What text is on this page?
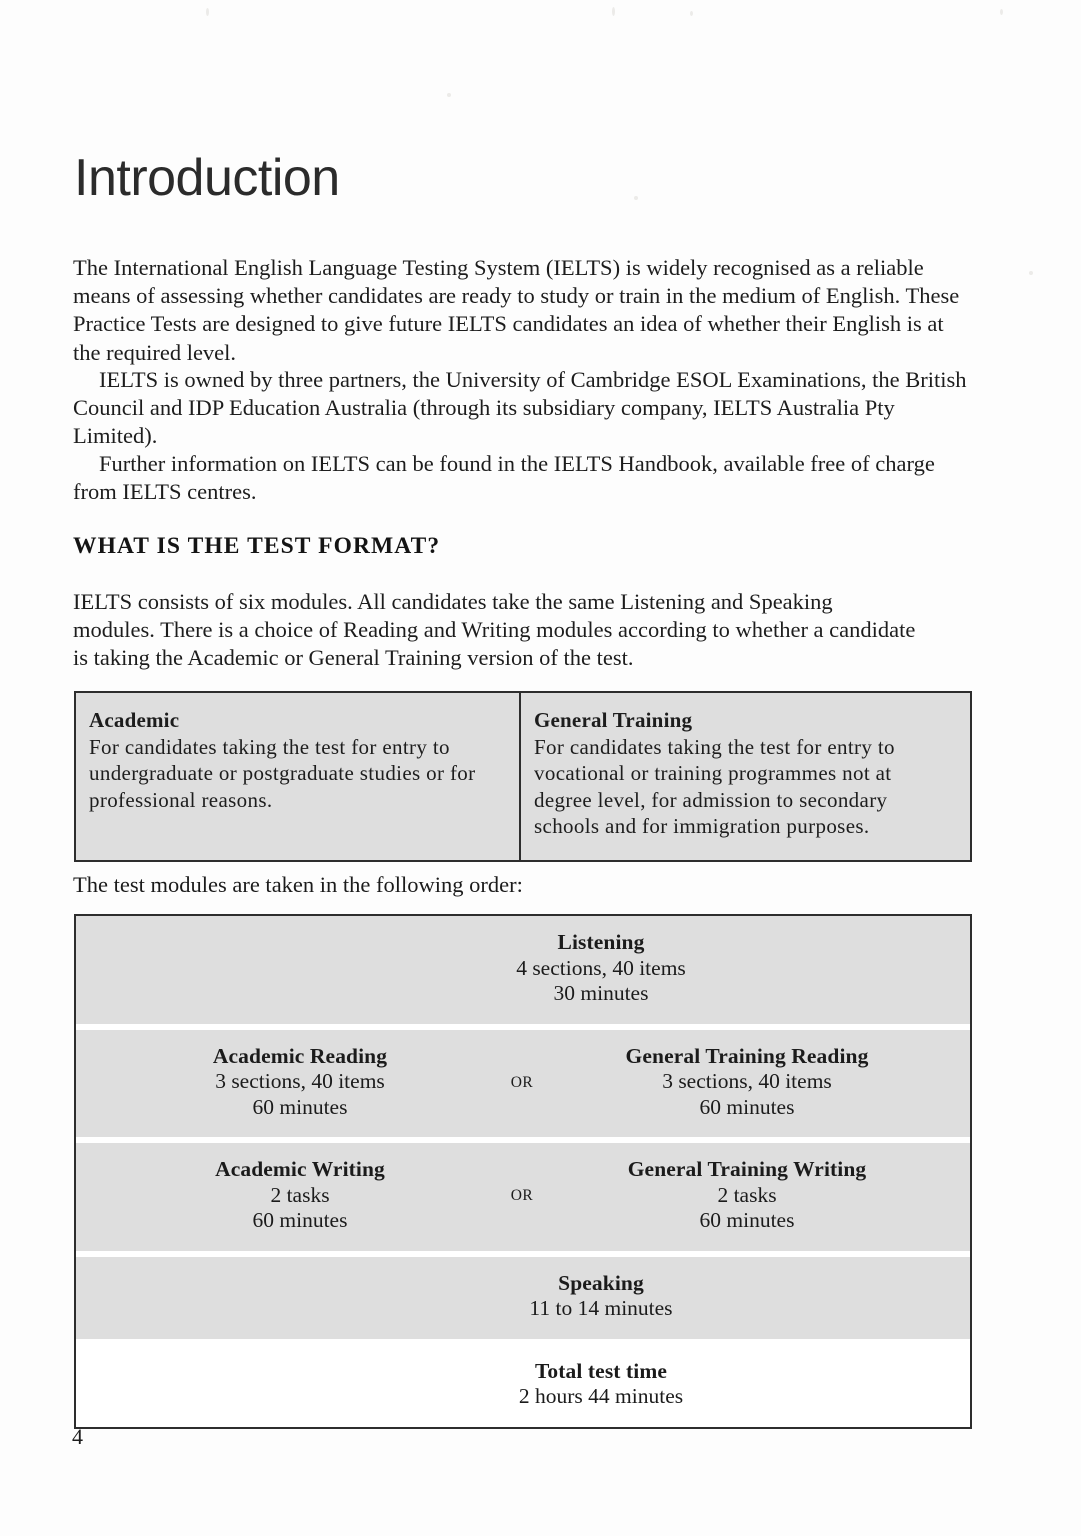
Introduction

The International English Language Testing System (IELTS) is widely recognised as a reliable means of assessing whether candidates are ready to study or train in the medium of English. These Practice Tests are designed to give future IELTS candidates an idea of whether their English is at the required level.

IELTS is owned by three partners, the University of Cambridge ESOL Examinations, the British Council and IDP Education Australia (through its subsidiary company, IELTS Australia Pty Limited).

Further information on IELTS can be found in the IELTS Handbook, available free of charge from IELTS centres.

WHAT IS THE TEST FORMAT?

IELTS consists of six modules. All candidates take the same Listening and Speaking modules. There is a choice of Reading and Writing modules according to whether a candidate is taking the Academic or General Training version of the test.

Academic
For candidates taking the test for entry to undergraduate or postgraduate studies or for professional reasons.
General Training
For candidates taking the test for entry to vocational or training programmes not at degree level, for admission to secondary schools and for immigration purposes.

The test modules are taken in the following order:

Listening
4 sections, 40 items
30 minutes
Academic Reading
3 sections, 40 items
60 minutes
OR
General Training Reading
3 sections, 40 items
60 minutes
Academic Writing
2 tasks
60 minutes
OR
General Training Writing
2 tasks
60 minutes
Speaking
11 to 14 minutes
Total test time
2 hours 44 minutes
4
